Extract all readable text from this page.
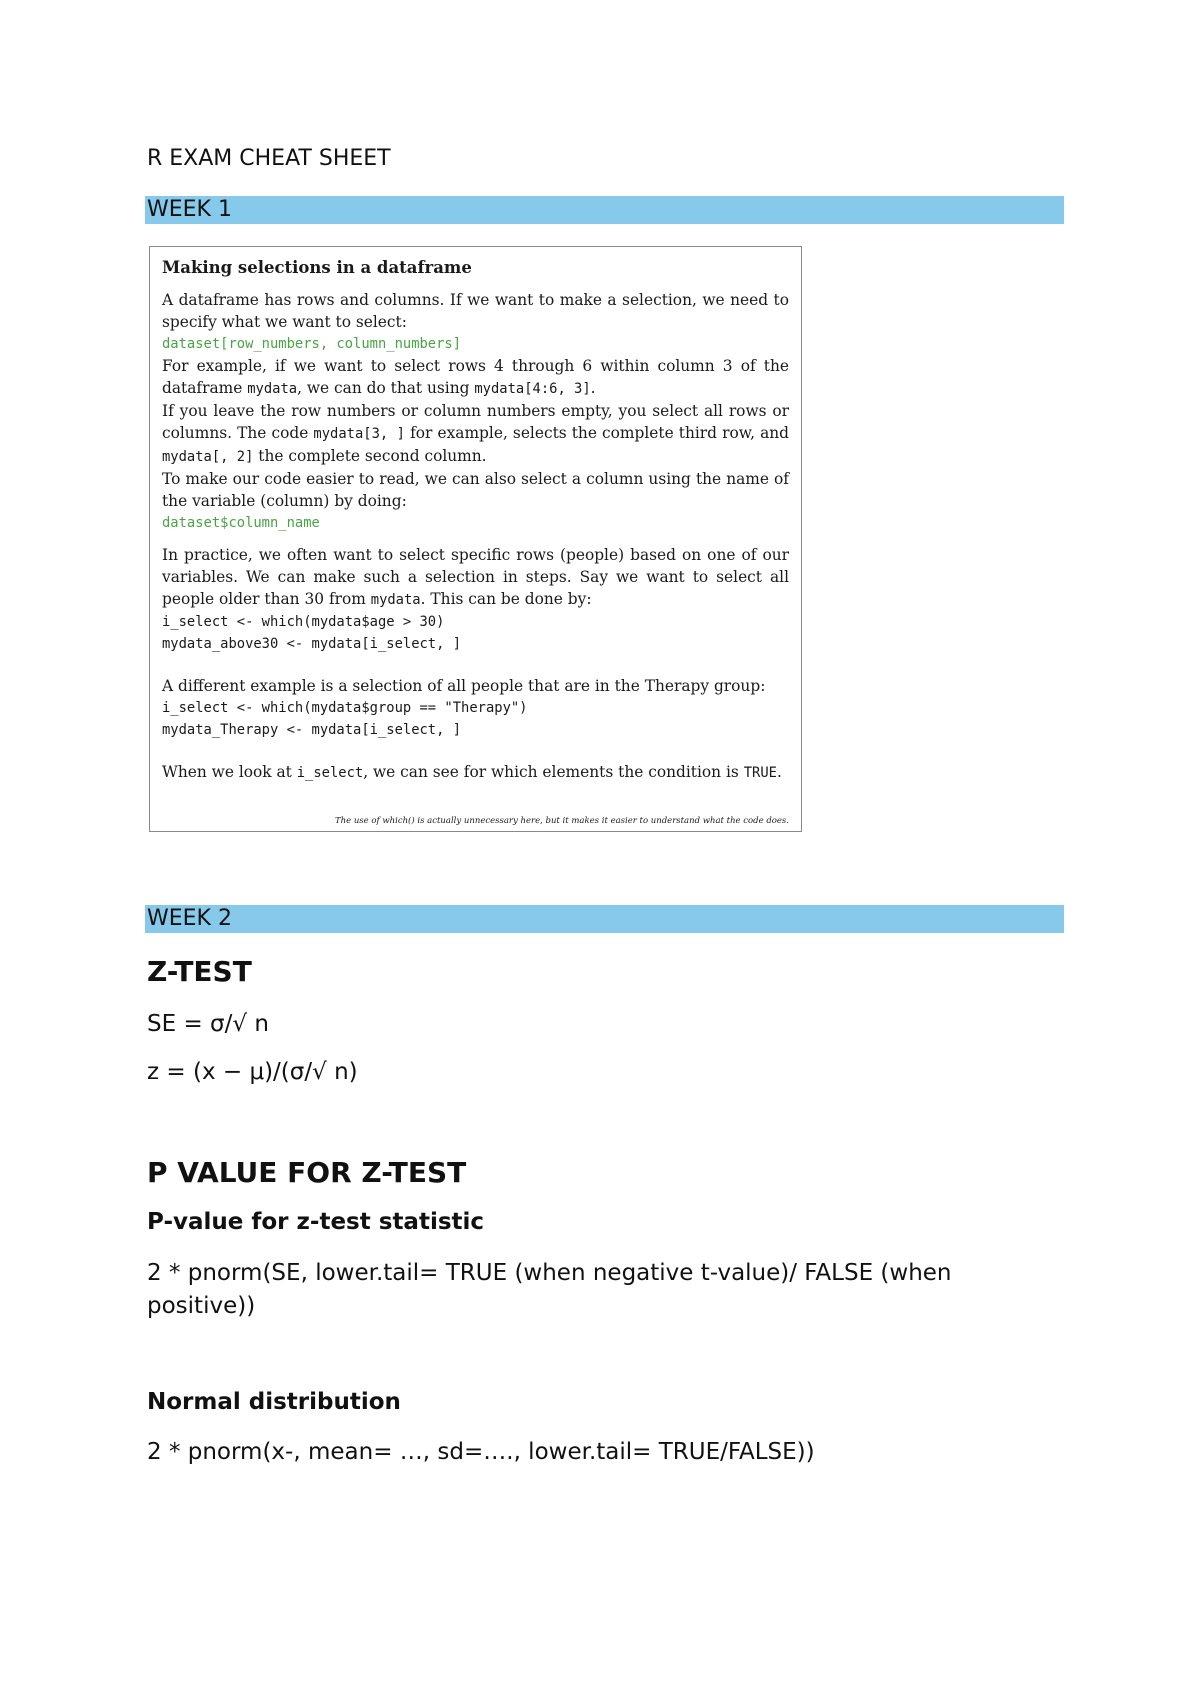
R EXAM CHEAT SHEET
WEEK 1

Making selections in a dataframe

A dataframe has rows and columns. If we want to make a selection, we need to specify what we want to select:

dataset[row_numbers, column_numbers]

For example, if we want to select rows 4 through 6 within column 3 of the dataframe mydata, we can do that using mydata[4:6, 3].

If you leave the row numbers or column numbers empty, you select all rows or columns. The code mydata[3, ] for example, selects the complete third row, and mydata[, 2] the complete second column.

To make our code easier to read, we can also select a column using the name of the variable (column) by doing:

dataset$column_name

In practice, we often want to select specific rows (people) based on one of our variables. We can make such a selection in steps. Say we want to select all people older than 30 from mydata. This can be done by:

i_select <- which(mydata$age > 30)
mydata_above30 <- mydata[i_select, ]

A different example is a selection of all people that are in the Therapy group:

i_select <- which(mydata$group == "Therapy")
mydata_Therapy <- mydata[i_select, ]

When we look at i_select, we can see for which elements the condition is TRUE.

The use of which() is actually unnecessary here, but it makes it easier to understand what the code does.
WEEK 2
Z-TEST
SE = σ/√ n
z = (x − μ)/(σ/√ n)
P VALUE FOR Z-TEST
P-value for z-test statistic
2 * pnorm(SE, lower.tail= TRUE (when negative t-value)/ FALSE (when positive))
Normal distribution
2 * pnorm(x-, mean= …, sd=…., lower.tail= TRUE/FALSE))
